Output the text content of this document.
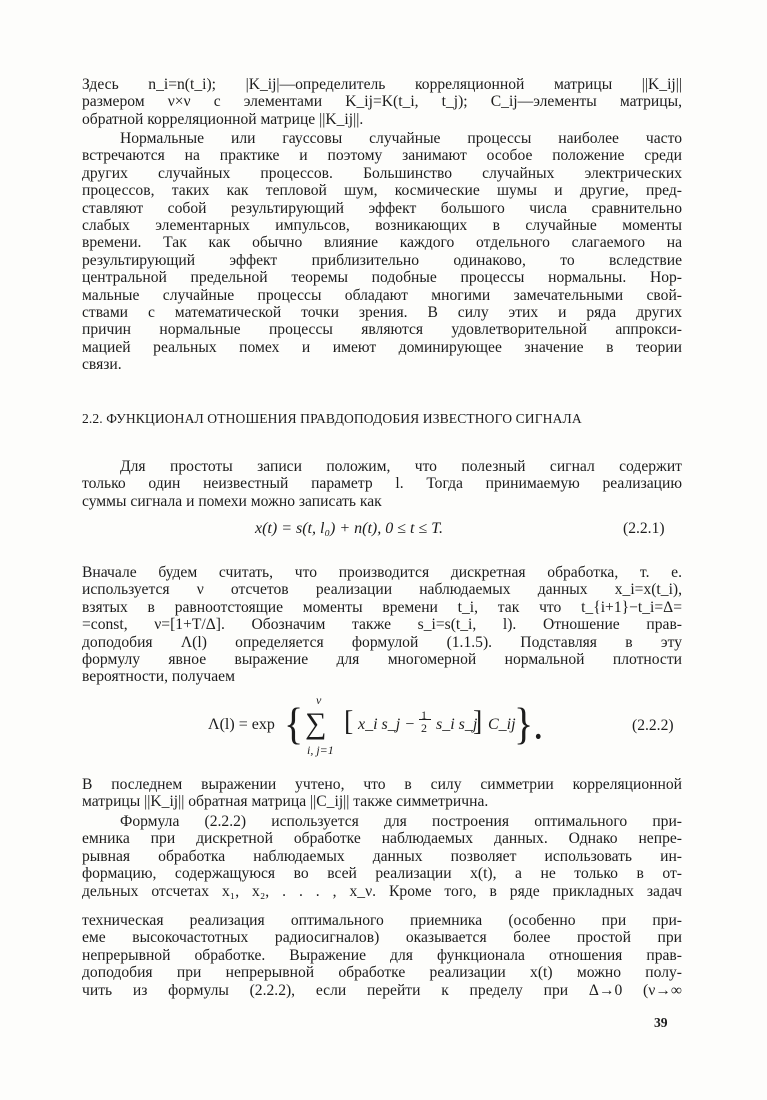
Здесь n_i=n(t_i); |K_ij|—определитель корреляционной матрицы ||K_ij||
размером ν×ν с элементами K_ij=K(t_i, t_j); C_ij—элементы матрицы,
обратной корреляционной матрице ||K_ij||.
Нормальные или гауссовы случайные процессы наиболее часто
встречаются на практике и поэтому занимают особое положение среди
других случайных процессов. Большинство случайных электрических
процессов, таких как тепловой шум, космические шумы и другие, пред-
ставляют собой результирующий эффект большого числа сравнительно
слабых элементарных импульсов, возникающих в случайные моменты
времени. Так как обычно влияние каждого отдельного слагаемого на
результирующий эффект приблизительно одинаково, то вследствие
центральной предельной теоремы подобные процессы нормальны. Нор-
мальные случайные процессы обладают многими замечательными свой-
ствами с математической точки зрения. В силу этих и ряда других
причин нормальные процессы являются удовлетворительной аппрокси-
мацией реальных помех и имеют доминирующее значение в теории
связи.
2.2. ФУНКЦИОНАЛ ОТНОШЕНИЯ ПРАВДОПОДОБИЯ ИЗВЕСТНОГО СИГНАЛА
Для простоты записи положим, что полезный сигнал содержит
только один неизвестный параметр l. Тогда принимаемую реализацию
суммы сигнала и помехи можно записать как
x(t) = s(t, l₀) + n(t), 0 ≤ t ≤ T.	(2.2.1)
Вначале будем считать, что производится дискретная обработка, т. е.
используется ν отсчетов реализации наблюдаемых данных x_i=x(t_i),
взятых в равноотстоящие моменты времени t_i, так что t_{i+1}−t_i=Δ=
=const, ν=[1+T/Δ]. Обозначим также s_i=s(t_i, l). Отношение прав-
доподобия Λ(l) определяется формулой (1.1.5). Подставляя в эту
формулу явное выражение для многомерной нормальной плотности
вероятности, получаем
Λ(l) = exp { ν
∑
i, j=1
[ x_i s_j −
1
2 s_i s_j
] C_ij
}.	(2.2.2)
В последнем выражении учтено, что в силу симметрии корреляционной
матрицы ||K_ij|| обратная матрица ||C_ij|| также симметрична.
Формула (2.2.2) используется для построения оптимального при-
емника при дискретной обработке наблюдаемых данных. Однако непре-
рывная обработка наблюдаемых данных позволяет использовать ин-
формацию, содержащуюся во всей реализации x(t), а не только в от-
дельных отсчетах x₁, x₂, . . . , x_ν. Кроме того, в ряде прикладных задач
техническая реализация оптимального приемника (особенно при при-
еме высокочастотных радиосигналов) оказывается более простой при
непрерывной обработке. Выражение для функционала отношения прав-
доподобия при непрерывной обработке реализации x(t) можно полу-
чить из формулы (2.2.2), если перейти к пределу при Δ→0 (ν→∞
39
